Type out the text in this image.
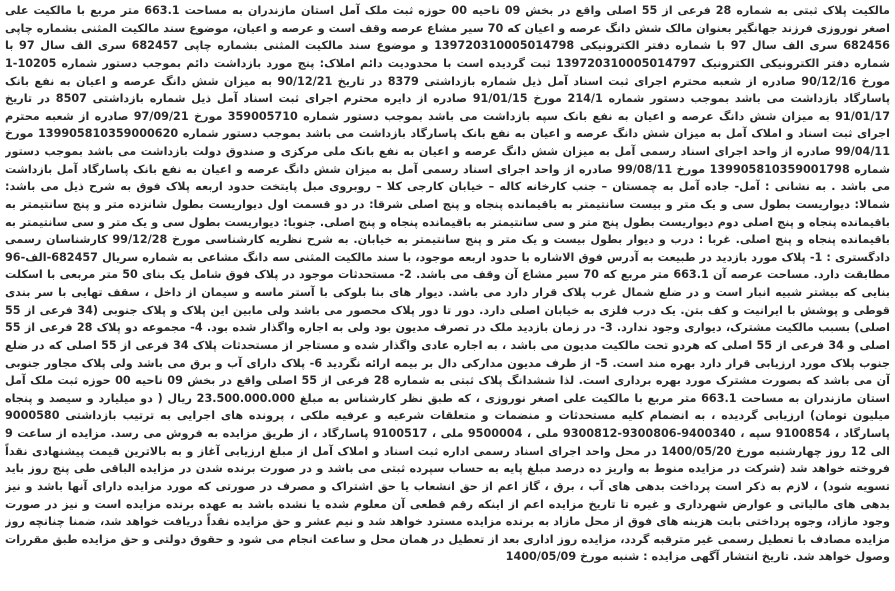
مالکیت پلاک ثبتی به شماره 28 فرعی از 55 اصلی واقع در بخش 09 ناحیه 00 حوزه ثبت ملک آمل استان مازندران به مساحت 663.1 متر مربع با مالکیت علی اصغر نوروزی فرزند جهانگیر بعنوان مالک شش دانگ عرصه و اعیان که 70 سیر مشاع عرصه وقف است و عرصه و اعیان، موضوع سند مالکیت المثنی بشماره چاپی 682456 سری الف سال 97 با شماره دفتر الکترونیکی 139720310005014798 و موضوع سند مالکیت المثنی بشماره چاپی 682457 سری الف سال 97 با شماره دفتر الکترونیکی الکترونیک 139720310005014797 ثبت گردیده است با محدودیت دائم املاک: پنج مورد بازداشت دائم بموجب دستور شماره 10205-1 مورخ 90/12/16 صادره از شعبه محترم اجرای ثبت اسناد آمل ذیل شماره بازداشتی 8379 در تاریخ 90/12/21 به میزان شش دانگ عرصه و اعیان به نفع بانک پاسارگاد بازداشت می باشد بموجب دستور شماره 214/1 مورخ 91/01/15 صادره از دایره محترم اجرای ثبت اسناد آمل ذیل شماره بازداشتی 8507 در تاریخ 91/01/17 به میزان شش دانگ عرصه و اعیان به نفع بانک سپه بازداشت می باشد بموجب دستور شماره 359005710 مورخ 97/09/21 صادره از شعبه محترم اجرای ثبت اسناد و املاک آمل به میزان شش دانگ عرصه و اعیان به نفع بانک پاسارگاد بازداشت می باشد بموجب دستور شماره 139905810359000620 مورخ 99/04/11 صادره از واحد اجرای اسناد رسمی آمل به میزان شش دانگ عرصه و اعیان به نفع بانک ملی مرکزی و صندوق دولت بازداشت می باشد بموجب دستور شماره 139905810359001798 مورخ 99/08/11 صادره از واحد اجرای اسناد رسمی آمل به میزان شش دانگ عرصه و اعیان به نفع بانک پاسارگاد آمل بازداشت می باشد . به نشانی : آمل- جاده آمل به چمستان – جنب کارخانه کاله – خیابان کارجی کلا – روبروی مبل پایتخت حدود اربعه پلاک فوق به شرح ذیل می باشد: شمالا: دیواریست بطول سی و یک متر و بیست سانتیمتر به باقیمانده پنجاه و پنج اصلی شرقا: در دو قسمت اول دیواریست بطول شانزده متر و پنج سانتیمتر به باقیمانده پنجاه و پنج اصلی دوم دیواریست بطول پنج متر و سی سانتیمتر به باقیمانده پنجاه و پنج اصلی. جنوبا: دیواریست بطول سی و یک متر و سی سانتیمتر به باقیمانده پنجاه و پنج اصلی. غربا : درب و دیوار بطول بیست و یک متر و پنج سانتیمتر به خیابان. به شرح نظریه کارشناسی مورخ 99/12/28 کارشناسان رسمی دادگستری : 1- پلاک مورد بازدید در طبیعت به آدرس فوق الاشاره با حدود اربعه موجود، با سند مالکیت المثنی سه دانگ مشاعی به شماره سریال 682457-الف-96 مطابقت دارد. مساحت عرصه آن 663.1 متر مربع که 70 سیر مشاع آن وقف می باشد. 2- مستحدثات موجود در پلاک فوق شامل یک بنای 50 متر مربعی با اسکلت بنایی که بیشتر شبیه انبار است و در ضلع شمال غرب پلاک قرار دارد می باشد. دیوار های بنا بلوکی با آستر ماسه و سیمان از داخل ، سقف تهایی با سر بندی قوطی و پوشش با ایرانیت و کف بتن. یک درب فلزی به خیابان اصلی دارد. دور تا دور پلاک محصور می باشد ولی مابین این پلاک و پلاک جنوبی (34 فرعی از 55 اصلی) بسبب مالکیت مشترک، دیواری وجود ندارد. 3- در زمان بازدید ملک در تصرف مدیون بود ولی به اجاره واگذار شده بود. 4- مجموعه دو پلاک 28 فرعی از 55 اصلی و 34 فرعی از 55 اصلی که هردو تحت مالکیت مدیون می باشد ، به اجاره عادی واگذار شده و مستاجر از مستحدثات پلاک 34 فرعی از 55 اصلی که در ضلع جنوب پلاک مورد ارزیابی قرار دارد بهره مند است. 5- از طرف مدیون مدارکی دال بر بیمه ارائه نگردید 6- پلاک دارای آب و برق می باشد ولی پلاک مجاور جنوبی آن می باشد که بصورت مشترک مورد بهره برداری است. لذا ششدانگ پلاک ثبتی به شماره 28 فرعی از 55 اصلی واقع در بخش 09 ناحیه 00 حوزه ثبت ملک آمل استان مازندران به مساحت 663.1 متر مربع با مالکیت علی اصغر نوروزی ، که طبق نظر کارشناس به مبلغ 23.500.000.000 ریال ( دو میلیارد و سیصد و پنجاه میلیون تومان) ارزیابی گردیده ، به انضمام کلیه مستحدثات و منضمات و متعلقات شرعیه و عرفیه ملکی ، پرونده های اجرایی به ترتیب بازداشتی 9000580 پاسارگاد ، 9100854 سپه ، 9400340-9300806-9300812 ملی ، 9500004 ملی ، 9100517 پاسارگاد ، از طریق مزایده به فروش می رسد. مزایده از ساعت 9 الی 12 روز چهارشنبه مورخ 1400/05/20 در محل واحد اجرای اسناد رسمی اداره ثبت اسناد و املاک آمل از مبلغ ارزیابی آغاز و به بالاترین قیمت پیشنهادی نقداً فروخته خواهد شد (شرکت در مزایده منوط به واریز ده درصد مبلغ پایه به حساب سپرده ثبتی می باشد و در صورت برنده شدن در مزایده الباقی طی پنج روز باید تسویه شود) ، لازم به ذکر است پرداخت بدهی های آب ، برق ، گاز اعم از حق انشعاب یا حق اشتراک و مصرف در صورتی که مورد مزایده دارای آنها باشد و نیز بدهی های مالیاتی و عوارض شهرداری و غیره تا تاریخ مزایده اعم از اینکه رقم قطعی آن معلوم شده یا نشده باشد به عهده برنده مزایده است و نیز در صورت وجود مازاد، وجوه پرداختی بابت هزینه های فوق از محل مازاد به برنده مزایده مسترد خواهد شد و نیم عشر و حق مزایده نقداً دریافت خواهد شد، ضمنا چنانچه روز مزایده مصادف با تعطیل رسمی غیر مترقبه گردد، مزایده روز اداری بعد از تعطیل در همان محل و ساعت انجام می شود و حقوق دولتی و حق مزایده طبق مقررات وصول خواهد شد. تاریخ انتشار آگهی مزایده : شنبه مورخ 1400/05/09
